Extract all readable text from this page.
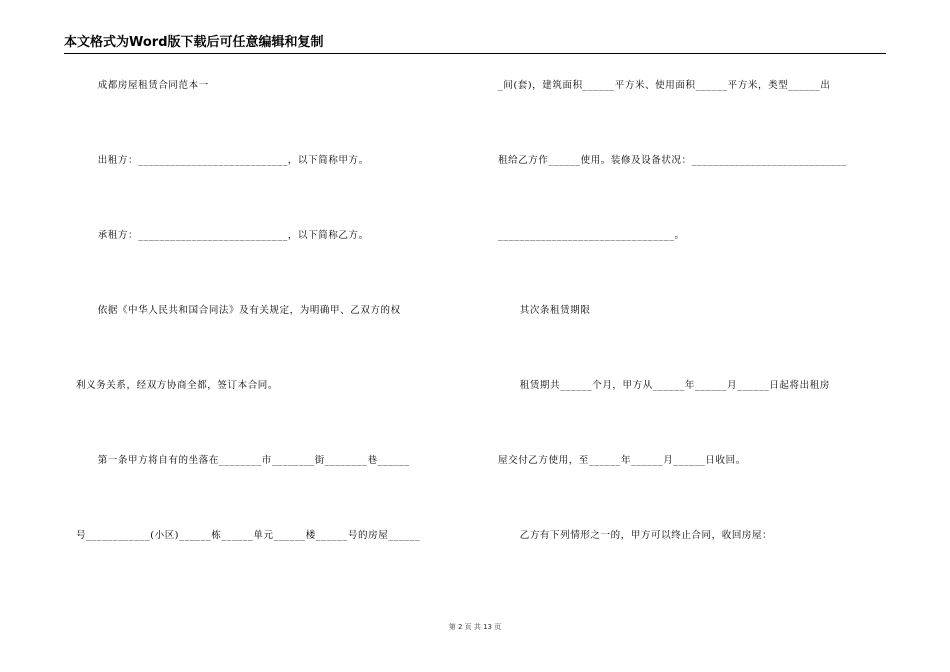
本文格式为Word版下载后可任意编辑和复制
成都房屋租赁合同范本一
出租方：____________________________，以下简称甲方。
承租方：____________________________，以下简称乙方。
依据《中华人民共和国合同法》及有关规定，为明确甲、乙双方的权
利义务关系，经双方协商全都，签订本合同。
第一条甲方将自有的坐落在________市________街________巷______
号____________(小区)______栋______单元______楼______号的房屋______
_间(套)，建筑面积______平方米、使用面积______平方米，类型______出
租给乙方作______使用。装修及设备状况：_____________________________
_________________________________。
其次条租赁期限
租赁期共______个月，甲方从______年______月______日起将出租房
屋交付乙方使用，至______年______月______日收回。
乙方有下列情形之一的，甲方可以终止合同，收回房屋：
第 2 页 共 13 页
